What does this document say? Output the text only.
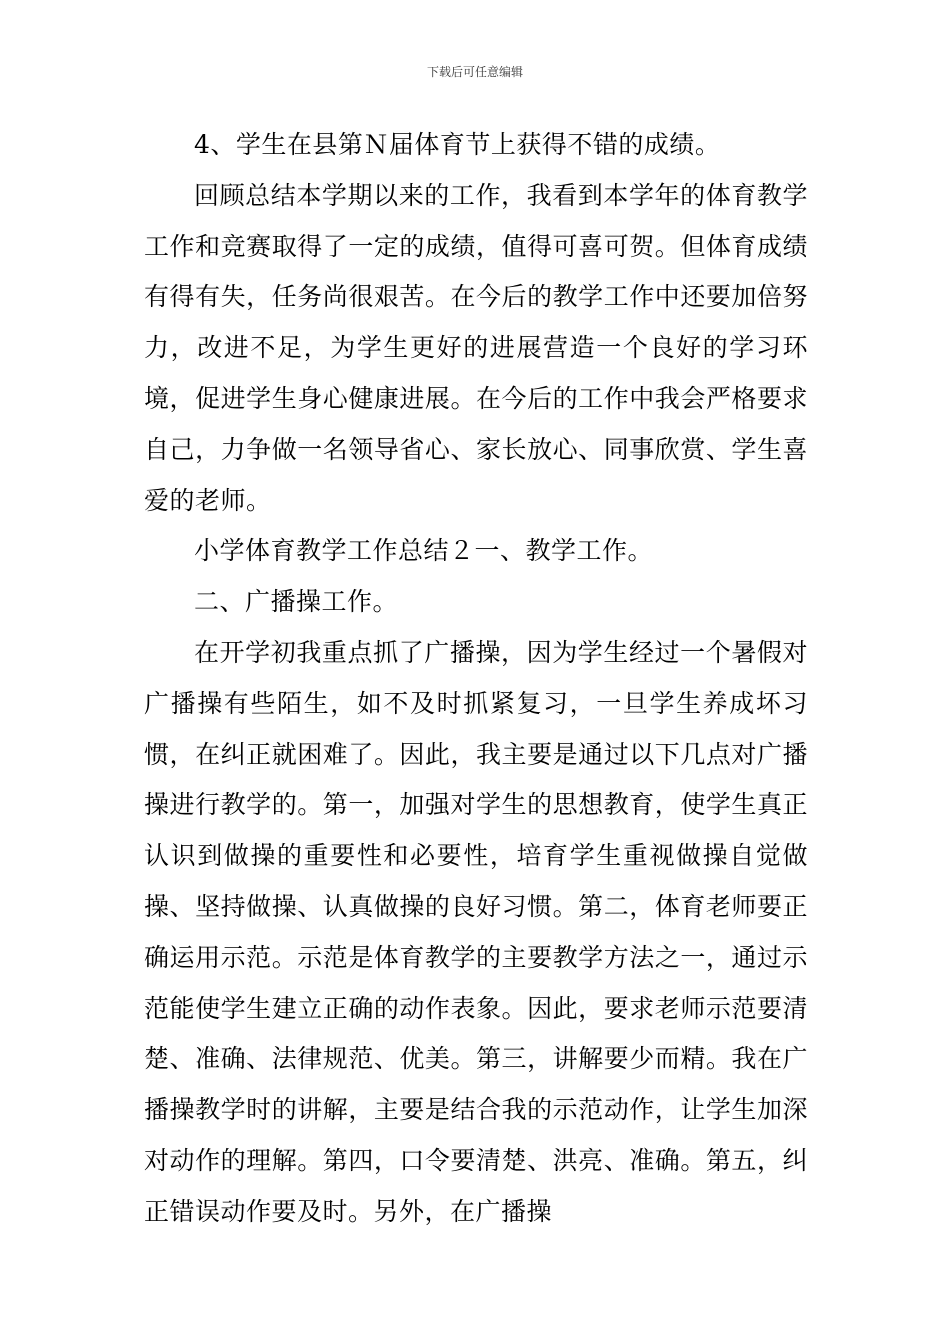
下载后可任意编辑

4、学生在县第Ｎ届体育节上获得不错的成绩。

回顾总结本学期以来的工作，我看到本学年的体育教学工作和竞赛取得了一定的成绩，值得可喜可贺。但体育成绩有得有失，任务尚很艰苦。在今后的教学工作中还要加倍努力，改进不足，为学生更好的进展营造一个良好的学习环境，促进学生身心健康进展。在今后的工作中我会严格要求自己，力争做一名领导省心、家长放心、同事欣赏、学生喜爱的老师。

小学体育教学工作总结２一、教学工作。

二、广播操工作。

在开学初我重点抓了广播操，因为学生经过一个暑假对广播操有些陌生，如不及时抓紧复习，一旦学生养成坏习惯，在纠正就困难了。因此，我主要是通过以下几点对广播操进行教学的。第一，加强对学生的思想教育，使学生真正认识到做操的重要性和必要性，培育学生重视做操自觉做操、坚持做操、认真做操的良好习惯。第二，体育老师要正确运用示范。示范是体育教学的主要教学方法之一，通过示范能使学生建立正确的动作表象。因此，要求老师示范要清楚、准确、法律规范、优美。第三，讲解要少而精。我在广播操教学时的讲解，主要是结合我的示范动作，让学生加深对动作的理解。第四，口令要清楚、洪亮、准确。第五，纠正错误动作要及时。另外，在广播操
